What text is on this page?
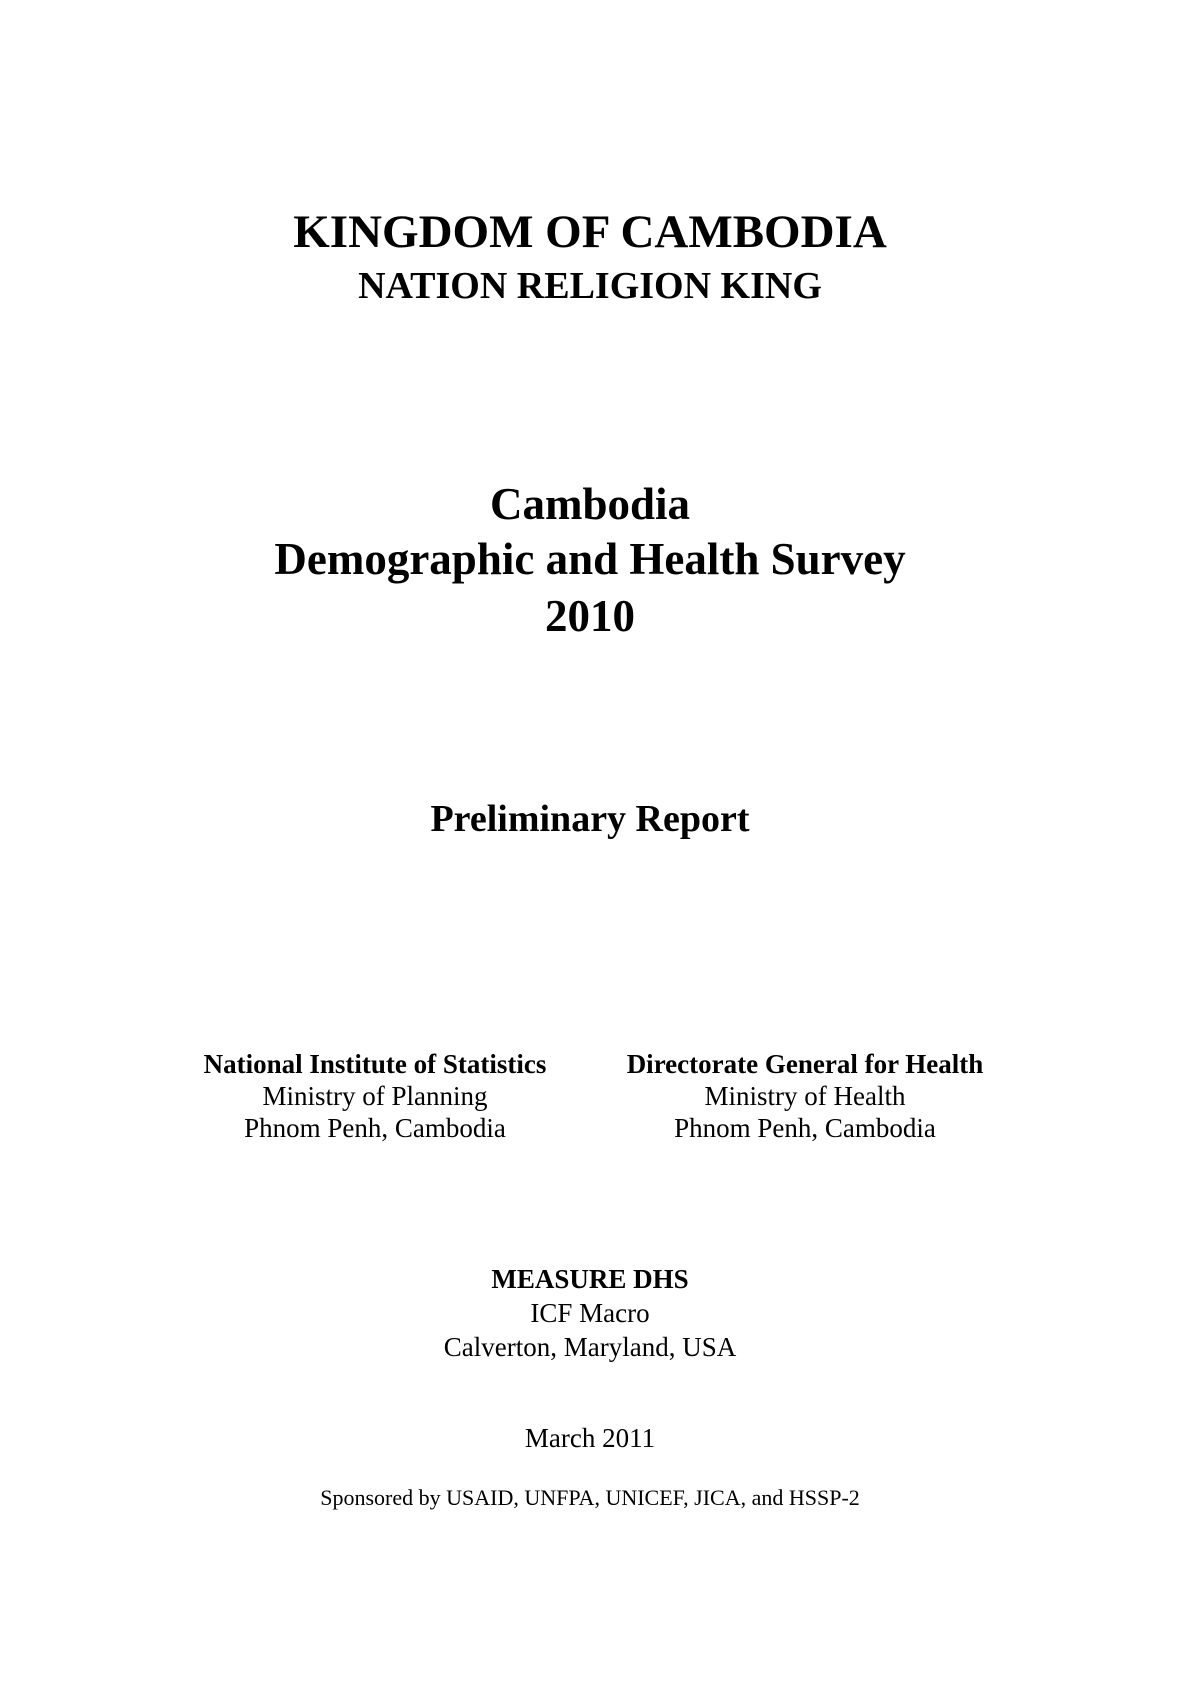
KINGDOM OF CAMBODIA
NATION RELIGION KING
Cambodia
Demographic and Health Survey
2010
Preliminary Report
National Institute of Statistics
Ministry of Planning
Phnom Penh, Cambodia
Directorate General for Health
Ministry of Health
Phnom Penh, Cambodia
MEASURE DHS
ICF Macro
Calverton, Maryland, USA
March 2011
Sponsored by USAID, UNFPA, UNICEF, JICA, and HSSP-2
